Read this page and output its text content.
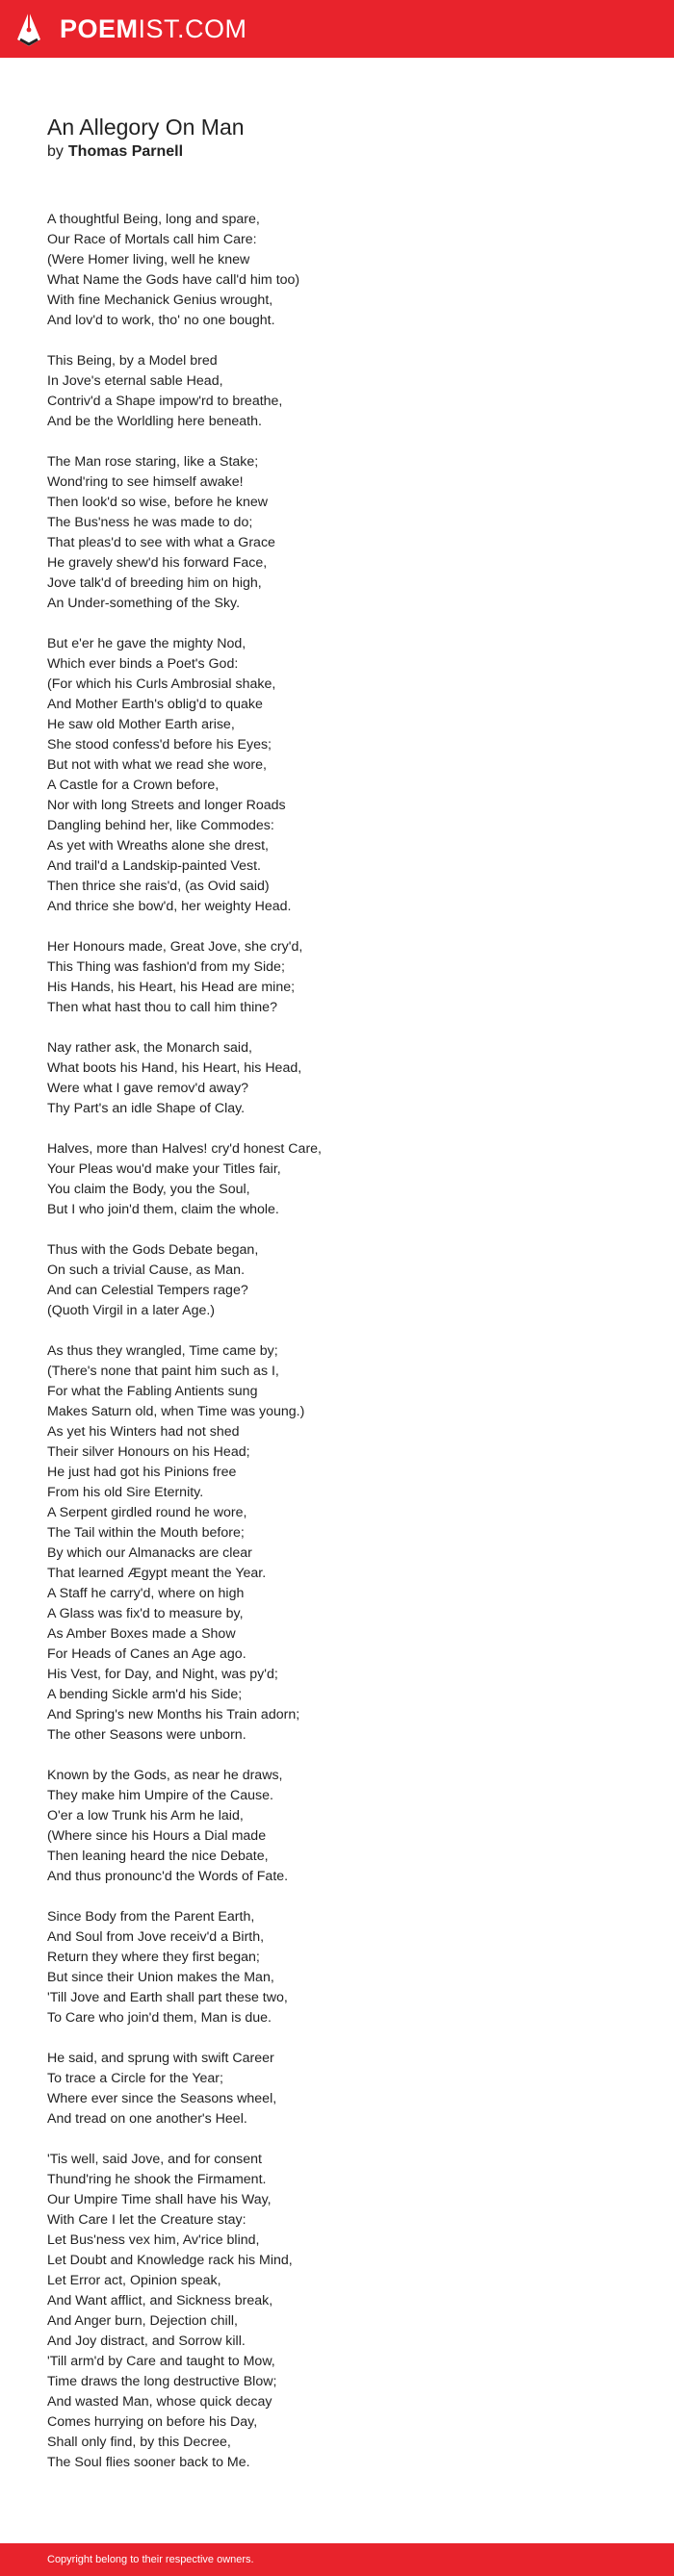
POEMIST.COM
An Allegory On Man
by Thomas Parnell
A thoughtful Being, long and spare,
Our Race of Mortals call him Care:
(Were Homer living, well he knew
What Name the Gods have call'd him too)
With fine Mechanick Genius wrought,
And lov'd to work, tho' no one bought.
This Being, by a Model bred
In Jove's eternal sable Head,
Contriv'd a Shape impow'rd to breathe,
And be the Worldling here beneath.
The Man rose staring, like a Stake;
Wond'ring to see himself awake!
Then look'd so wise, before he knew
The Bus'ness he was made to do;
That pleas'd to see with what a Grace
He gravely shew'd his forward Face,
Jove talk'd of breeding him on high,
An Under-something of the Sky.
But e'er he gave the mighty Nod,
Which ever binds a Poet's God:
(For which his Curls Ambrosial shake,
And Mother Earth's oblig'd to quake
He saw old Mother Earth arise,
She stood confess'd before his Eyes;
But not with what we read she wore,
A Castle for a Crown before,
Nor with long Streets and longer Roads
Dangling behind her, like Commodes:
As yet with Wreaths alone she drest,
And trail'd a Landskip-painted Vest.
Then thrice she rais'd, (as Ovid said)
And thrice she bow'd, her weighty Head.
Her Honours made, Great Jove, she cry'd,
This Thing was fashion'd from my Side;
His Hands, his Heart, his Head are mine;
Then what hast thou to call him thine?
Nay rather ask, the Monarch said,
What boots his Hand, his Heart, his Head,
Were what I gave remov'd away?
Thy Part's an idle Shape of Clay.
Halves, more than Halves! cry'd honest Care,
Your Pleas wou'd make your Titles fair,
You claim the Body, you the Soul,
But I who join'd them, claim the whole.
Thus with the Gods Debate began,
On such a trivial Cause, as Man.
And can Celestial Tempers rage?
(Quoth Virgil in a later Age.)
As thus they wrangled, Time came by;
(There's none that paint him such as I,
For what the Fabling Antients sung
Makes Saturn old, when Time was young.)
As yet his Winters had not shed
Their silver Honours on his Head;
He just had got his Pinions free
From his old Sire Eternity.
A Serpent girdled round he wore,
The Tail within the Mouth before;
By which our Almanacks are clear
That learned Ægypt meant the Year.
A Staff he carry'd, where on high
A Glass was fix'd to measure by,
As Amber Boxes made a Show
For Heads of Canes an Age ago.
His Vest, for Day, and Night, was py'd;
A bending Sickle arm'd his Side;
And Spring's new Months his Train adorn;
The other Seasons were unborn.
Known by the Gods, as near he draws,
They make him Umpire of the Cause.
O'er a low Trunk his Arm he laid,
(Where since his Hours a Dial made
Then leaning heard the nice Debate,
And thus pronounc'd the Words of Fate.
Since Body from the Parent Earth,
And Soul from Jove receiv'd a Birth,
Return they where they first began;
But since their Union makes the Man,
'Till Jove and Earth shall part these two,
To Care who join'd them, Man is due.
He said, and sprung with swift Career
To trace a Circle for the Year;
Where ever since the Seasons wheel,
And tread on one another's Heel.
'Tis well, said Jove, and for consent
Thund'ring he shook the Firmament.
Our Umpire Time shall have his Way,
With Care I let the Creature stay:
Let Bus'ness vex him, Av'rice blind,
Let Doubt and Knowledge rack his Mind,
Let Error act, Opinion speak,
And Want afflict, and Sickness break,
And Anger burn, Dejection chill,
And Joy distract, and Sorrow kill.
'Till arm'd by Care and taught to Mow,
Time draws the long destructive Blow;
And wasted Man, whose quick decay
Comes hurrying on before his Day,
Shall only find, by this Decree,
The Soul flies sooner back to Me.
Copyright belong to their respective owners.
